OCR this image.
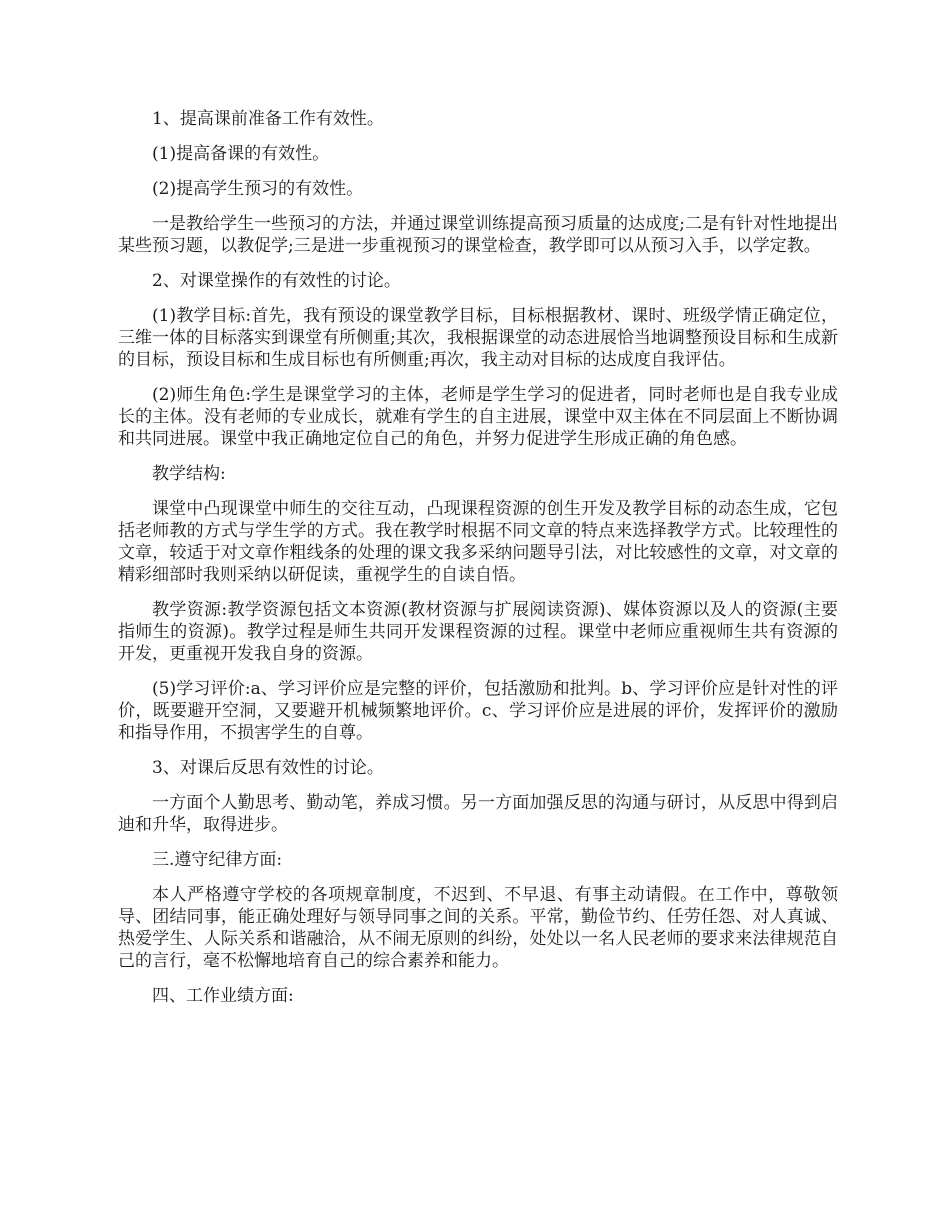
1、提高课前准备工作有效性。

(1)提高备课的有效性。

(2)提高学生预习的有效性。

一是教给学生一些预习的方法，并通过课堂训练提高预习质量的达成度;二是有针对性地提出某些预习题，以教促学;三是进一步重视预习的课堂检查，教学即可以从预习入手，以学定教。

2、对课堂操作的有效性的讨论。

(1)教学目标:首先，我有预设的课堂教学目标，目标根据教材、课时、班级学情正确定位，三维一体的目标落实到课堂有所侧重;其次，我根据课堂的动态进展恰当地调整预设目标和生成新的目标，预设目标和生成目标也有所侧重;再次，我主动对目标的达成度自我评估。

(2)师生角色:学生是课堂学习的主体，老师是学生学习的促进者，同时老师也是自我专业成长的主体。没有老师的专业成长，就难有学生的自主进展，课堂中双主体在不同层面上不断协调和共同进展。课堂中我正确地定位自己的角色，并努力促进学生形成正确的角色感。

教学结构:

课堂中凸现课堂中师生的交往互动，凸现课程资源的创生开发及教学目标的动态生成，它包括老师教的方式与学生学的方式。我在教学时根据不同文章的特点来选择教学方式。比较理性的文章，较适于对文章作粗线条的处理的课文我多采纳问题导引法，对比较感性的文章，对文章的精彩细部时我则采纳以研促读，重视学生的自读自悟。

教学资源:教学资源包括文本资源(教材资源与扩展阅读资源)、媒体资源以及人的资源(主要指师生的资源)。教学过程是师生共同开发课程资源的过程。课堂中老师应重视师生共有资源的开发，更重视开发我自身的资源。

(5)学习评价:a、学习评价应是完整的评价，包括激励和批判。b、学习评价应是针对性的评价，既要避开空洞，又要避开机械频繁地评价。c、学习评价应是进展的评价，发挥评价的激励和指导作用，不损害学生的自尊。

3、对课后反思有效性的讨论。

一方面个人勤思考、勤动笔，养成习惯。另一方面加强反思的沟通与研讨，从反思中得到启迪和升华，取得进步。

三.遵守纪律方面:

本人严格遵守学校的各项规章制度，不迟到、不早退、有事主动请假。在工作中，尊敬领导、团结同事，能正确处理好与领导同事之间的关系。平常，勤俭节约、任劳任怨、对人真诚、热爱学生、人际关系和谐融洽，从不闹无原则的纠纷，处处以一名人民老师的要求来法律规范自己的言行，毫不松懈地培育自己的综合素养和能力。

四、工作业绩方面:
